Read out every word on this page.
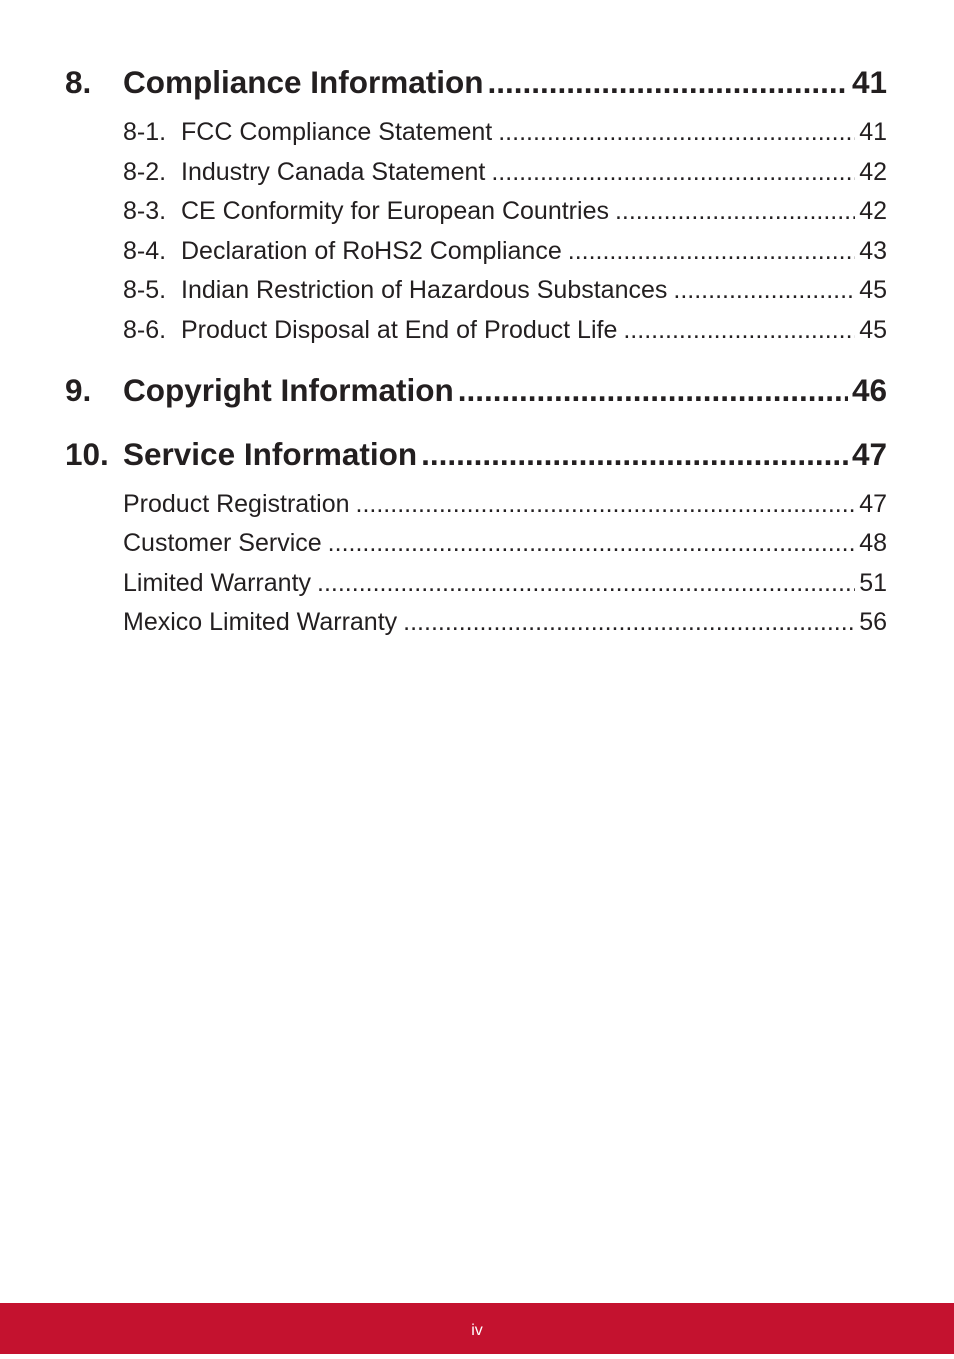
8.	Compliance Information .....	41
8-1. FCC Compliance Statement .....	41
8-2. Industry Canada Statement .....	42
8-3. CE Conformity for European Countries .....	42
8-4. Declaration of RoHS2 Compliance .....	43
8-5. Indian Restriction of Hazardous Substances .....	45
8-6. Product Disposal at End of Product Life .....	45
9.	Copyright Information .....	46
10. Service Information .....	47
Product Registration .....	47
Customer Service .....	48
Limited Warranty .....	51
Mexico Limited Warranty .....	56
iv
